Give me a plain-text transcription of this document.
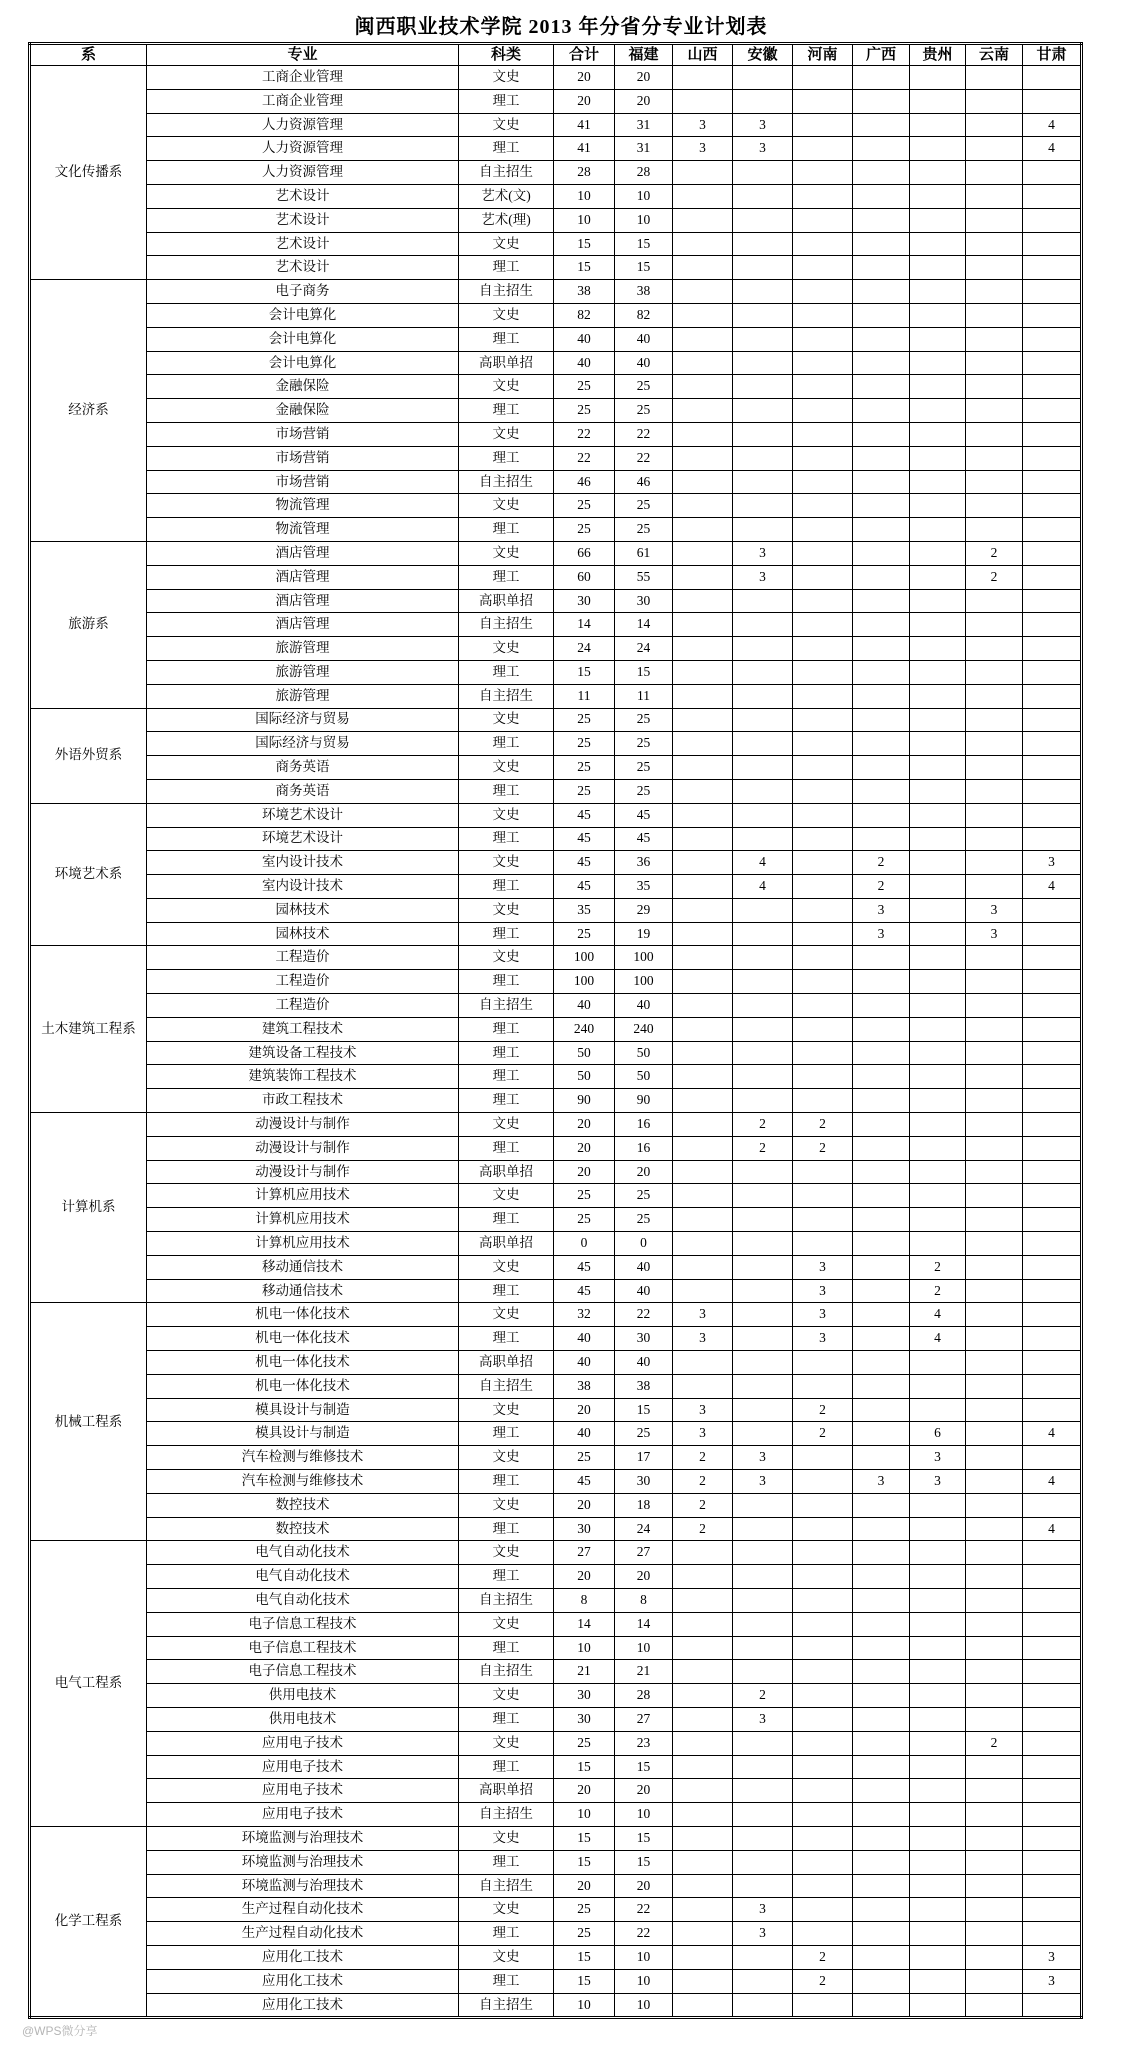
闽西职业技术学院 2013 年分省分专业计划表
系	专业	科类	合计	福建	山西	安徽	河南	广西	贵州	云南	甘肃
文化传播系	工商企业管理	文史	20	20							
	工商企业管理	理工	20	20							
	人力资源管理	文史	41	31	3	3					4
	人力资源管理	理工	41	31	3	3					4
	人力资源管理	自主招生	28	28							
	艺术设计	艺术(文)	10	10							
	艺术设计	艺术(理)	10	10							
	艺术设计	文史	15	15							
	艺术设计	理工	15	15							
经济系	电子商务	自主招生	38	38							
	会计电算化	文史	82	82							
	会计电算化	理工	40	40							
	会计电算化	高职单招	40	40							
	金融保险	文史	25	25							
	金融保险	理工	25	25							
	市场营销	文史	22	22							
	市场营销	理工	22	22							
	市场营销	自主招生	46	46							
	物流管理	文史	25	25							
	物流管理	理工	25	25							
旅游系	酒店管理	文史	66	61		3				2	
	酒店管理	理工	60	55		3				2	
	酒店管理	高职单招	30	30							
	酒店管理	自主招生	14	14							
	旅游管理	文史	24	24							
	旅游管理	理工	15	15							
	旅游管理	自主招生	11	11							
外语外贸系	国际经济与贸易	文史	25	25							
	国际经济与贸易	理工	25	25							
	商务英语	文史	25	25							
	商务英语	理工	25	25							
环境艺术系	环境艺术设计	文史	45	45							
	环境艺术设计	理工	45	45							
	室内设计技术	文史	45	36		4		2			3
	室内设计技术	理工	45	35		4		2			4
	园林技术	文史	35	29				3		3	
	园林技术	理工	25	19				3		3	
土木建筑工程系	工程造价	文史	100	100							
	工程造价	理工	100	100							
	工程造价	自主招生	40	40							
	建筑工程技术	理工	240	240							
	建筑设备工程技术	理工	50	50							
	建筑装饰工程技术	理工	50	50							
	市政工程技术	理工	90	90							
计算机系	动漫设计与制作	文史	20	16		2	2				
	动漫设计与制作	理工	20	16		2	2				
	动漫设计与制作	高职单招	20	20							
	计算机应用技术	文史	25	25							
	计算机应用技术	理工	25	25							
	计算机应用技术	高职单招	0	0							
	移动通信技术	文史	45	40			3		2		
	移动通信技术	理工	45	40			3		2		
机械工程系	机电一体化技术	文史	32	22	3		3		4		
	机电一体化技术	理工	40	30	3		3		4		
	机电一体化技术	高职单招	40	40							
	机电一体化技术	自主招生	38	38							
	模具设计与制造	文史	20	15	3		2				
	模具设计与制造	理工	40	25	3		2		6		4
	汽车检测与维修技术	文史	25	17	2	3			3		
	汽车检测与维修技术	理工	45	30	2	3		3	3		4
	数控技术	文史	20	18	2						
	数控技术	理工	30	24	2						4
电气工程系	电气自动化技术	文史	27	27							
	电气自动化技术	理工	20	20							
	电气自动化技术	自主招生	8	8							
	电子信息工程技术	文史	14	14							
	电子信息工程技术	理工	10	10							
	电子信息工程技术	自主招生	21	21							
	供用电技术	文史	30	28		2					
	供用电技术	理工	30	27		3					
	应用电子技术	文史	25	23						2	
	应用电子技术	理工	15	15							
	应用电子技术	高职单招	20	20							
	应用电子技术	自主招生	10	10							
化学工程系	环境监测与治理技术	文史	15	15							
	环境监测与治理技术	理工	15	15							
	环境监测与治理技术	自主招生	20	20							
	生产过程自动化技术	文史	25	22		3					
	生产过程自动化技术	理工	25	22		3					
	应用化工技术	文史	15	10			2				3
	应用化工技术	理工	15	10			2				3
	应用化工技术	自主招生	10	10							
@WPS微分享
